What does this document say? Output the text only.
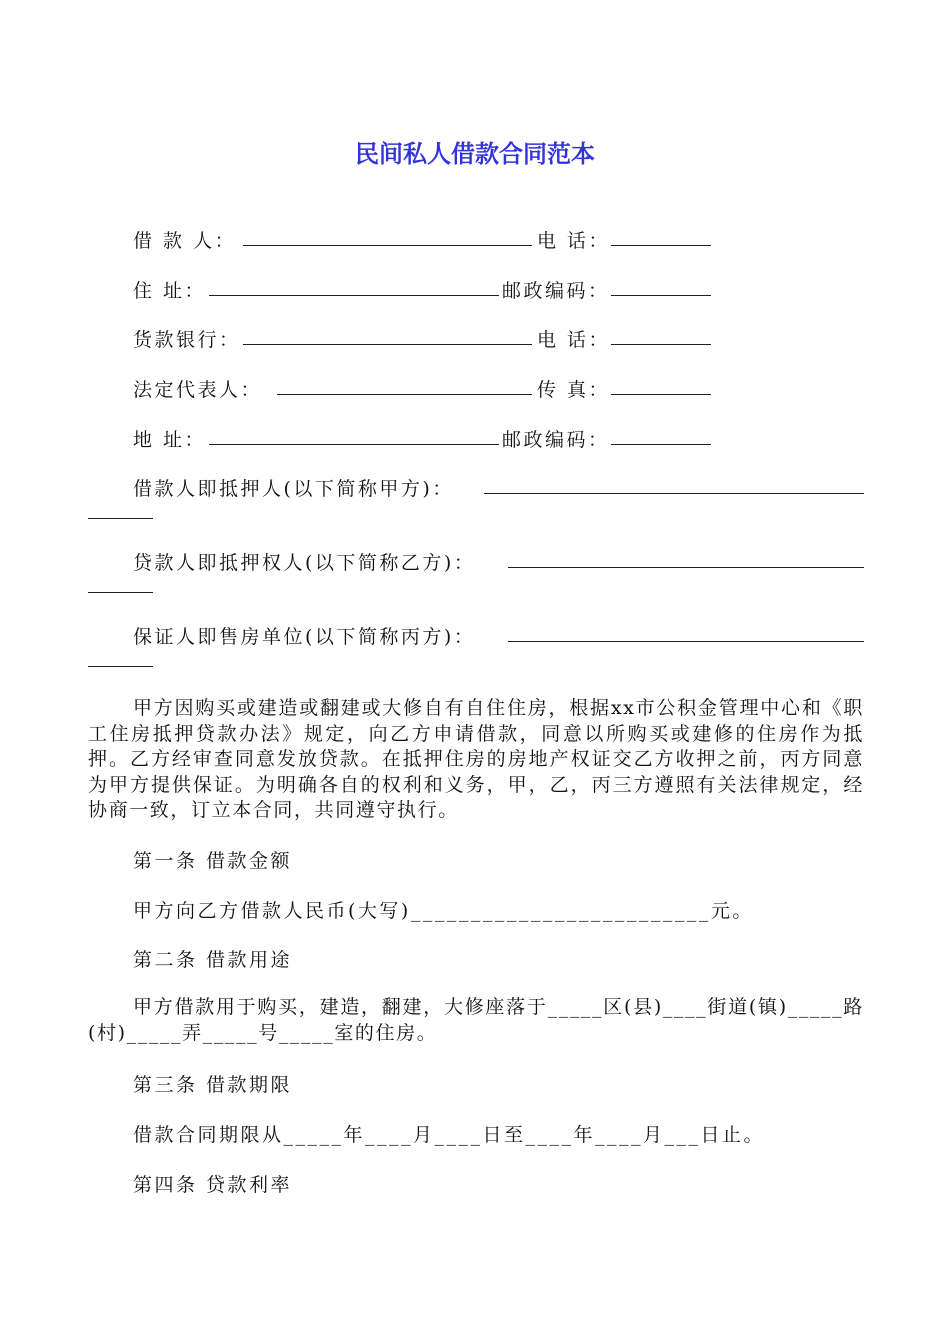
民间私人借款合同范本
借 款 人：	电 话：
住 址：	邮政编码：
货款银行：	电 话：
法定代表人：	传 真：
地 址：	邮政编码：
借款人即抵押人(以下简称甲方)：
贷款人即抵押权人(以下简称乙方)：
保证人即售房单位(以下简称丙方)：
甲方因购买或建造或翻建或大修自有自住住房，根据xx市公积金管理中心和《职工住房抵押贷款办法》规定，向乙方申请借款，同意以所购买或建修的住房作为抵押。乙方经审查同意发放贷款。在抵押住房的房地产权证交乙方收押之前，丙方同意为甲方提供保证。为明确各自的权利和义务，甲，乙，丙三方遵照有关法律规定，经协商一致，订立本合同，共同遵守执行。
第一条 借款金额
甲方向乙方借款人民币(大写)_________________________元。
第二条 借款用途
甲方借款用于购买，建造，翻建，大修座落于_____区(县)____街道(镇)_____路(村)_____弄_____号_____室的住房。
第三条 借款期限
借款合同期限从_____年____月____日至____年____月___日止。
第四条 贷款利率
